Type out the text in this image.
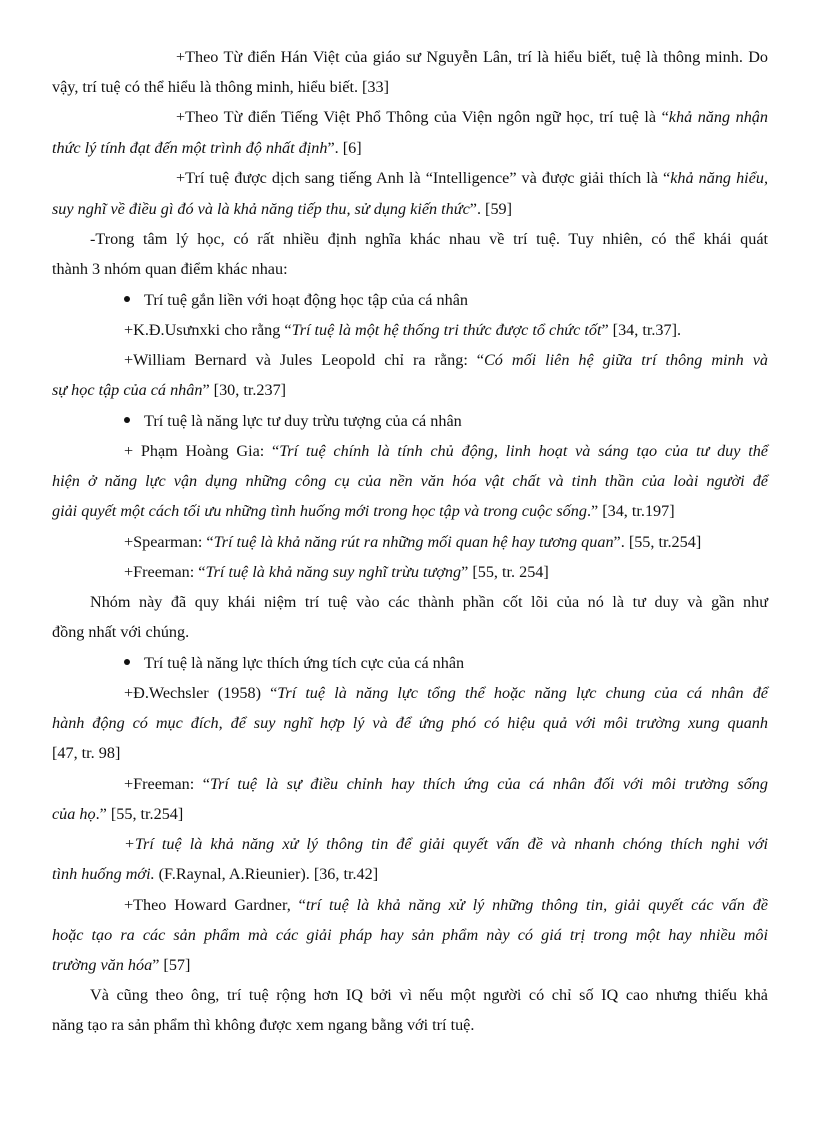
+Theo Từ điển Hán Việt của giáo sư Nguyễn Lân, trí là hiểu biết, tuệ là thông minh. Do
vậy, trí tuệ có thể hiểu là thông minh, hiểu biết. [33]
+Theo Từ điển Tiếng Việt Phổ Thông của Viện ngôn ngữ học, trí tuệ là “khả năng nhận
thức lý tính đạt đến một trình độ nhất định”. [6]
+Trí tuệ được dịch sang tiếng Anh là “Intelligence” và được giải thích là “khả năng hiểu,
suy nghĩ về điều gì đó và là khả năng tiếp thu, sử dụng kiến thức”. [59]
-Trong tâm lý học, có rất nhiều định nghĩa khác nhau về trí tuệ. Tuy nhiên, có thể khái quát
thành 3 nhóm quan điểm khác nhau:
Trí tuệ gắn liền với hoạt động học tập của cá nhân
+K.Đ.Usưnxki cho rằng “Trí tuệ là một hệ thống tri thức được tổ chức tốt” [34, tr.37].
+William Bernard và Jules Leopold chỉ ra rằng: “Có mối liên hệ giữa trí thông minh và
sự học tập của cá nhân” [30, tr.237]
Trí tuệ là năng lực tư duy trừu tượng của cá nhân
+ Phạm Hoàng Gia: “Trí tuệ chính là tính chủ động, linh hoạt và sáng tạo của tư duy thể
hiện ở năng lực vận dụng những công cụ của nền văn hóa vật chất và tinh thần của loài người để
giải quyết một cách tối ưu những tình huống mới trong học tập và trong cuộc sống.” [34, tr.197]
+Spearman: “Trí tuệ là khả năng rút ra những mối quan hệ hay tương quan”. [55, tr.254]
+Freeman: “Trí tuệ là khả năng suy nghĩ trừu tượng” [55, tr. 254]
Nhóm này đã quy khái niệm trí tuệ vào các thành phần cốt lõi của nó là tư duy và gần như
đồng nhất với chúng.
Trí tuệ là năng lực thích ứng tích cực của cá nhân
+Đ.Wechsler (1958) “Trí tuệ là năng lực tổng thể hoặc năng lực chung của cá nhân để
hành động có mục đích, để suy nghĩ hợp lý và để ứng phó có hiệu quả với môi trường xung quanh
[47, tr. 98]
+Freeman: “Trí tuệ là sự điều chỉnh hay thích ứng của cá nhân đối với môi trường sống
của họ.” [55, tr.254]
+Trí tuệ là khả năng xử lý thông tin để giải quyết vấn đề và nhanh chóng thích nghi với
tình huống mới. (F.Raynal, A.Rieunier). [36, tr.42]
+Theo Howard Gardner, “trí tuệ là khả năng xử lý những thông tin, giải quyết các vấn đề
hoặc tạo ra các sản phẩm mà các giải pháp hay sản phẩm này có giá trị trong một hay nhiều môi
trường văn hóa” [57]
Và cũng theo ông, trí tuệ rộng hơn IQ bởi vì nếu một người có chỉ số IQ cao nhưng thiếu khả
năng tạo ra sản phẩm thì không được xem ngang bằng với trí tuệ.
